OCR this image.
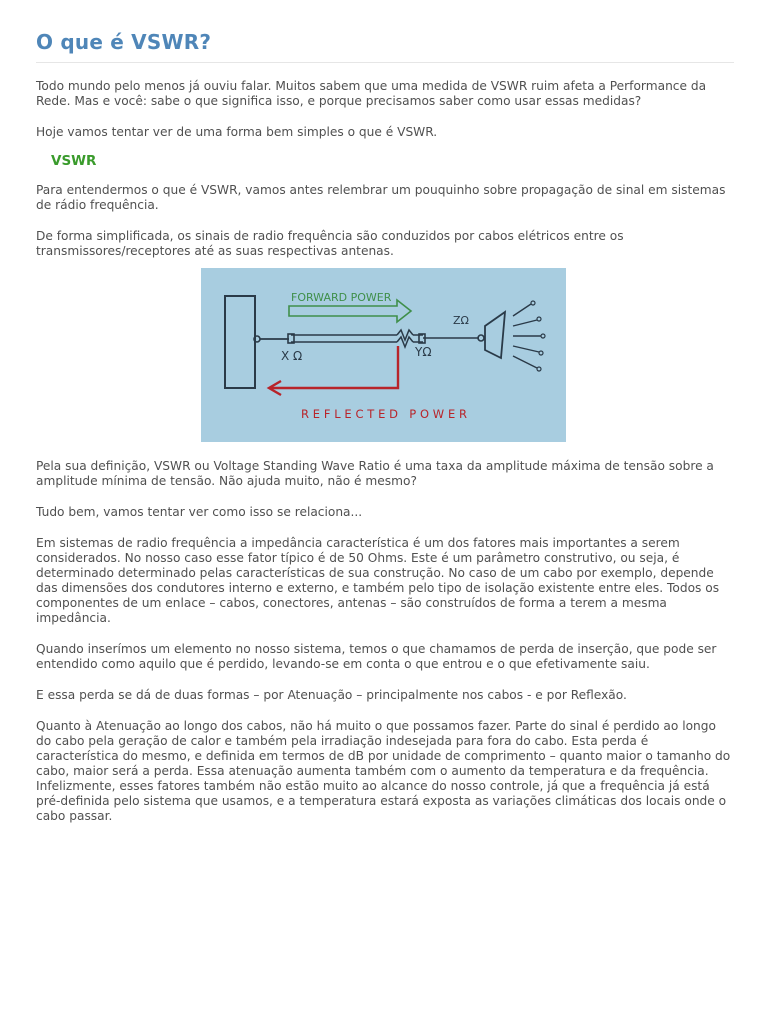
O que é VSWR?

Todo mundo pelo menos já ouviu falar. Muitos sabem que uma medida de VSWR ruim afeta a Performance da Rede. Mas e você: sabe o que significa isso, e porque precisamos saber como usar essas medidas?

Hoje vamos tentar ver de uma forma bem simples o que é VSWR.

VSWR

Para entendermos o que é VSWR, vamos antes relembrar um pouquinho sobre propagação de sinal em sistemas de rádio frequência.

De forma simplificada, os sinais de radio frequência são conduzidos por cabos elétricos entre os transmissores/receptores até as suas respectivas antenas.

FORWARD POWER
X Ω	YΩ
ZΩ
REFLECTED POWER

Pela sua definição, VSWR ou Voltage Standing Wave Ratio é uma taxa da amplitude máxima de tensão sobre a amplitude mínima de tensão. Não ajuda muito, não é mesmo?

Tudo bem, vamos tentar ver como isso se relaciona...

Em sistemas de radio frequência a impedância característica é um dos fatores mais importantes a serem considerados. No nosso caso esse fator típico é de 50 Ohms. Este é um parâmetro construtivo, ou seja, é determinado determinado pelas características de sua construção. No caso de um cabo por exemplo, depende das dimensões dos condutores interno e externo, e também pelo tipo de isolação existente entre eles. Todos os componentes de um enlace – cabos, conectores, antenas – são construídos de forma a terem a mesma impedância.

Quando inserímos um elemento no nosso sistema, temos o que chamamos de perda de inserção, que pode ser entendido como aquilo que é perdido, levando-se em conta o que entrou e o que efetivamente saiu.

E essa perda se dá de duas formas – por Atenuação – principalmente nos cabos - e por Reflexão.

Quanto à Atenuação ao longo dos cabos, não há muito o que possamos fazer. Parte do sinal é perdido ao longo do cabo pela geração de calor e também pela irradiação indesejada para fora do cabo. Esta perda é característica do mesmo, e definida em termos de dB por unidade de comprimento – quanto maior o tamanho do cabo, maior será a perda. Essa atenuação aumenta também com o aumento da temperatura e da frequência. Infelizmente, esses fatores também não estão muito ao alcance do nosso controle, já que a frequência já está pré-definida pelo sistema que usamos, e a temperatura estará exposta as variações climáticas dos locais onde o cabo passar.
